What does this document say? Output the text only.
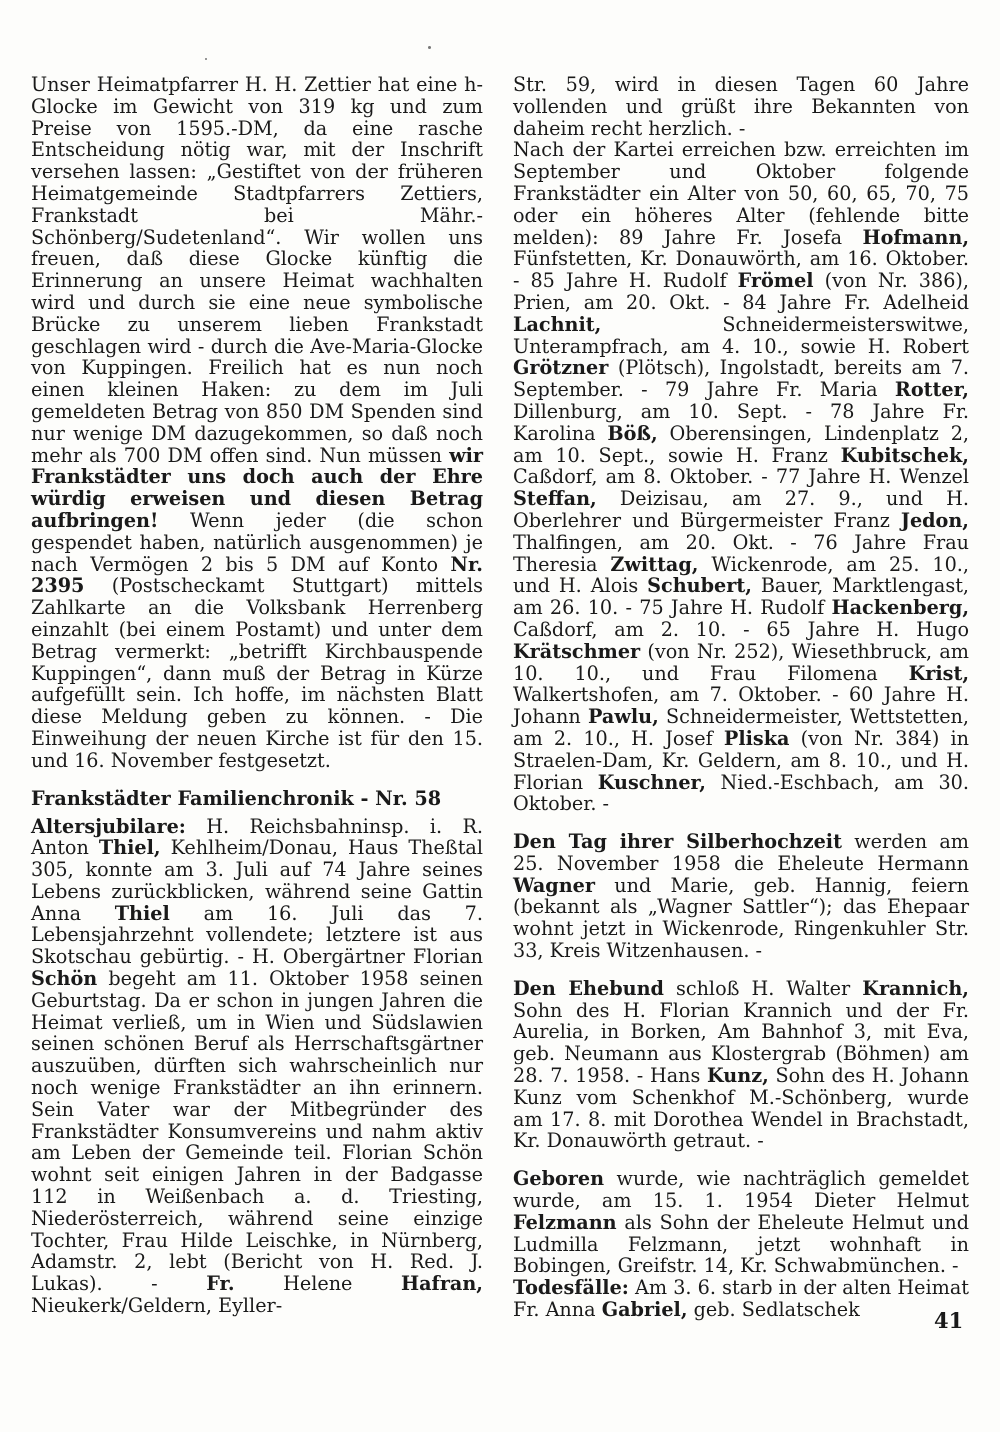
Unser Heimatpfarrer H. H. Zettier hat eine h-Glocke im Gewicht von 319 kg und zum Preise von 1595.-DM, da eine rasche Entscheidung nötig war, mit der Inschrift versehen lassen: „Gestiftet von der früheren Heimatgemeinde Stadtpfarrers Zettiers, Frankstadt bei Mähr.-Schönberg/Sudetenland“. Wir wollen uns freuen, daß diese Glocke künftig die Erinnerung an unsere Heimat wachhalten wird und durch sie eine neue symbolische Brücke zu unserem lieben Frankstadt geschlagen wird - durch die Ave-Maria-Glocke von Kuppingen. Freilich hat es nun noch einen kleinen Haken: zu dem im Juli gemeldeten Betrag von 850 DM Spenden sind nur wenige DM dazugekommen, so daß noch mehr als 700 DM offen sind. Nun müssen wir Frankstädter uns doch auch der Ehre würdig erweisen und diesen Betrag aufbringen! Wenn jeder (die schon gespendet haben, natürlich ausgenommen) je nach Vermögen 2 bis 5 DM auf Konto Nr. 2395 (Postscheckamt Stuttgart) mittels Zahlkarte an die Volksbank Herrenberg einzahlt (bei einem Postamt) und unter dem Betrag vermerkt: „betrifft Kirchbauspende Kuppingen“, dann muß der Betrag in Kürze aufgefüllt sein. Ich hoffe, im nächsten Blatt diese Meldung geben zu können. - Die Einweihung der neuen Kirche ist für den 15. und 16. November festgesetzt.

Frankstädter Familienchronik - Nr. 58

Altersjubilare: H. Reichsbahninsp. i. R. Anton Thiel, Kehlheim/Donau, Haus Theßtal 305, konnte am 3. Juli auf 74 Jahre seines Lebens zurückblicken, während seine Gattin Anna Thiel am 16. Juli das 7. Lebensjahrzehnt vollendete; letztere ist aus Skotschau gebürtig. - H. Obergärtner Florian Schön begeht am 11. Oktober 1958 seinen Geburtstag. Da er schon in jungen Jahren die Heimat verließ, um in Wien und Südslawien seinen schönen Beruf als Herrschaftsgärtner auszuüben, dürften sich wahrscheinlich nur noch wenige Frankstädter an ihn erinnern. Sein Vater war der Mitbegründer des Frankstädter Konsumvereins und nahm aktiv am Leben der Gemeinde teil. Florian Schön wohnt seit einigen Jahren in der Badgasse 112 in Weißenbach a. d. Triesting, Niederösterreich, während seine einzige Tochter, Frau Hilde Leischke, in Nürnberg, Adamstr. 2, lebt (Bericht von H. Red. J. Lukas). - Fr. Helene Hafran, Nieukerk/Geldern, Eyller-

Str. 59, wird in diesen Tagen 60 Jahre vollenden und grüßt ihre Bekannten von daheim recht herzlich. -
Nach der Kartei erreichen bzw. erreichten im September und Oktober folgende Frankstädter ein Alter von 50, 60, 65, 70, 75 oder ein höheres Alter (fehlende bitte melden): 89 Jahre Fr. Josefa Hofmann, Fünfstetten, Kr. Donauwörth, am 16. Oktober. - 85 Jahre H. Rudolf Frömel (von Nr. 386), Prien, am 20. Okt. - 84 Jahre Fr. Adelheid Lachnit, Schneidermeisterswitwe, Unterampfrach, am 4. 10., sowie H. Robert Grötzner (Plötsch), Ingolstadt, bereits am 7. September. - 79 Jahre Fr. Maria Rotter, Dillenburg, am 10. Sept. - 78 Jahre Fr. Karolina Böß, Oberensingen, Lindenplatz 2, am 10. Sept., sowie H. Franz Kubitschek, Caßdorf, am 8. Oktober. - 77 Jahre H. Wenzel Steffan, Deizisau, am 27. 9., und H. Oberlehrer und Bürgermeister Franz Jedon, Thalfingen, am 20. Okt. - 76 Jahre Frau Theresia Zwittag, Wickenrode, am 25. 10., und H. Alois Schubert, Bauer, Marktlengast, am 26. 10. - 75 Jahre H. Rudolf Hackenberg, Caßdorf, am 2. 10. - 65 Jahre H. Hugo Krätschmer (von Nr. 252), Wiesethbruck, am 10. 10., und Frau Filomena Krist, Walkertshofen, am 7. Oktober. - 60 Jahre H. Johann Pawlu, Schneidermeister, Wettstetten, am 2. 10., H. Josef Pliska (von Nr. 384) in Straelen-Dam, Kr. Geldern, am 8. 10., und H. Florian Kuschner, Nied.-Eschbach, am 30. Oktober. -

Den Tag ihrer Silberhochzeit werden am 25. November 1958 die Eheleute Hermann Wagner und Marie, geb. Hannig, feiern (bekannt als „Wagner Sattler“); das Ehepaar wohnt jetzt in Wickenrode, Ringenkuhler Str. 33, Kreis Witzenhausen. -

Den Ehebund schloß H. Walter Krannich, Sohn des H. Florian Krannich und der Fr. Aurelia, in Borken, Am Bahnhof 3, mit Eva, geb. Neumann aus Klostergrab (Böhmen) am 28. 7. 1958. - Hans Kunz, Sohn des H. Johann Kunz vom Schenkhof M.-Schönberg, wurde am 17. 8. mit Dorothea Wendel in Brachstadt, Kr. Donauwörth getraut. -

Geboren wurde, wie nachträglich gemeldet wurde, am 15. 1. 1954 Dieter Helmut Felzmann als Sohn der Eheleute Helmut und Ludmilla Felzmann, jetzt wohnhaft in Bobingen, Greifstr. 14, Kr. Schwabmünchen. -

Todesfälle: Am 3. 6. starb in der alten Heimat Fr. Anna Gabriel, geb. Sedlatschek	41
